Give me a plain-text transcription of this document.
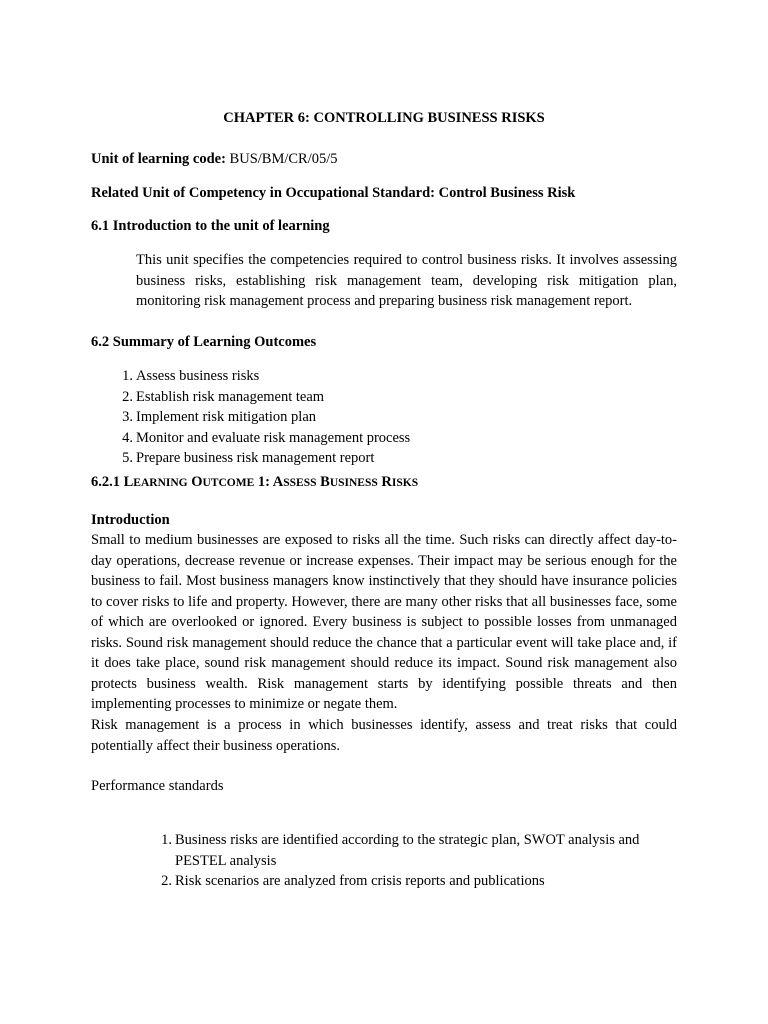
CHAPTER 6: CONTROLLING BUSINESS RISKS
Unit of learning code: BUS/BM/CR/05/5
Related Unit of Competency in Occupational Standard: Control Business Risk
6.1 Introduction to the unit of learning
This unit specifies the competencies required to control business risks. It involves assessing business risks, establishing risk management team, developing risk mitigation plan, monitoring risk management process and preparing business risk management report.
6.2 Summary of Learning Outcomes
1. Assess business risks
2. Establish risk management team
3. Implement risk mitigation plan
4. Monitor and evaluate risk management process
5. Prepare business risk management report
6.2.1 LEARNING OUTCOME 1: ASSESS BUSINESS RISKS
Introduction
Small to medium businesses are exposed to risks all the time. Such risks can directly affect day-to-day operations, decrease revenue or increase expenses. Their impact may be serious enough for the business to fail. Most business managers know instinctively that they should have insurance policies to cover risks to life and property. However, there are many other risks that all businesses face, some of which are overlooked or ignored. Every business is subject to possible losses from unmanaged risks. Sound risk management should reduce the chance that a particular event will take place and, if it does take place, sound risk management should reduce its impact. Sound risk management also protects business wealth. Risk management starts by identifying possible threats and then implementing processes to minimize or negate them.
Risk management is a process in which businesses identify, assess and treat risks that could potentially affect their business operations.
Performance standards
1. Business risks are identified according to the strategic plan, SWOT analysis and PESTEL analysis
2. Risk scenarios are analyzed from crisis reports and publications
